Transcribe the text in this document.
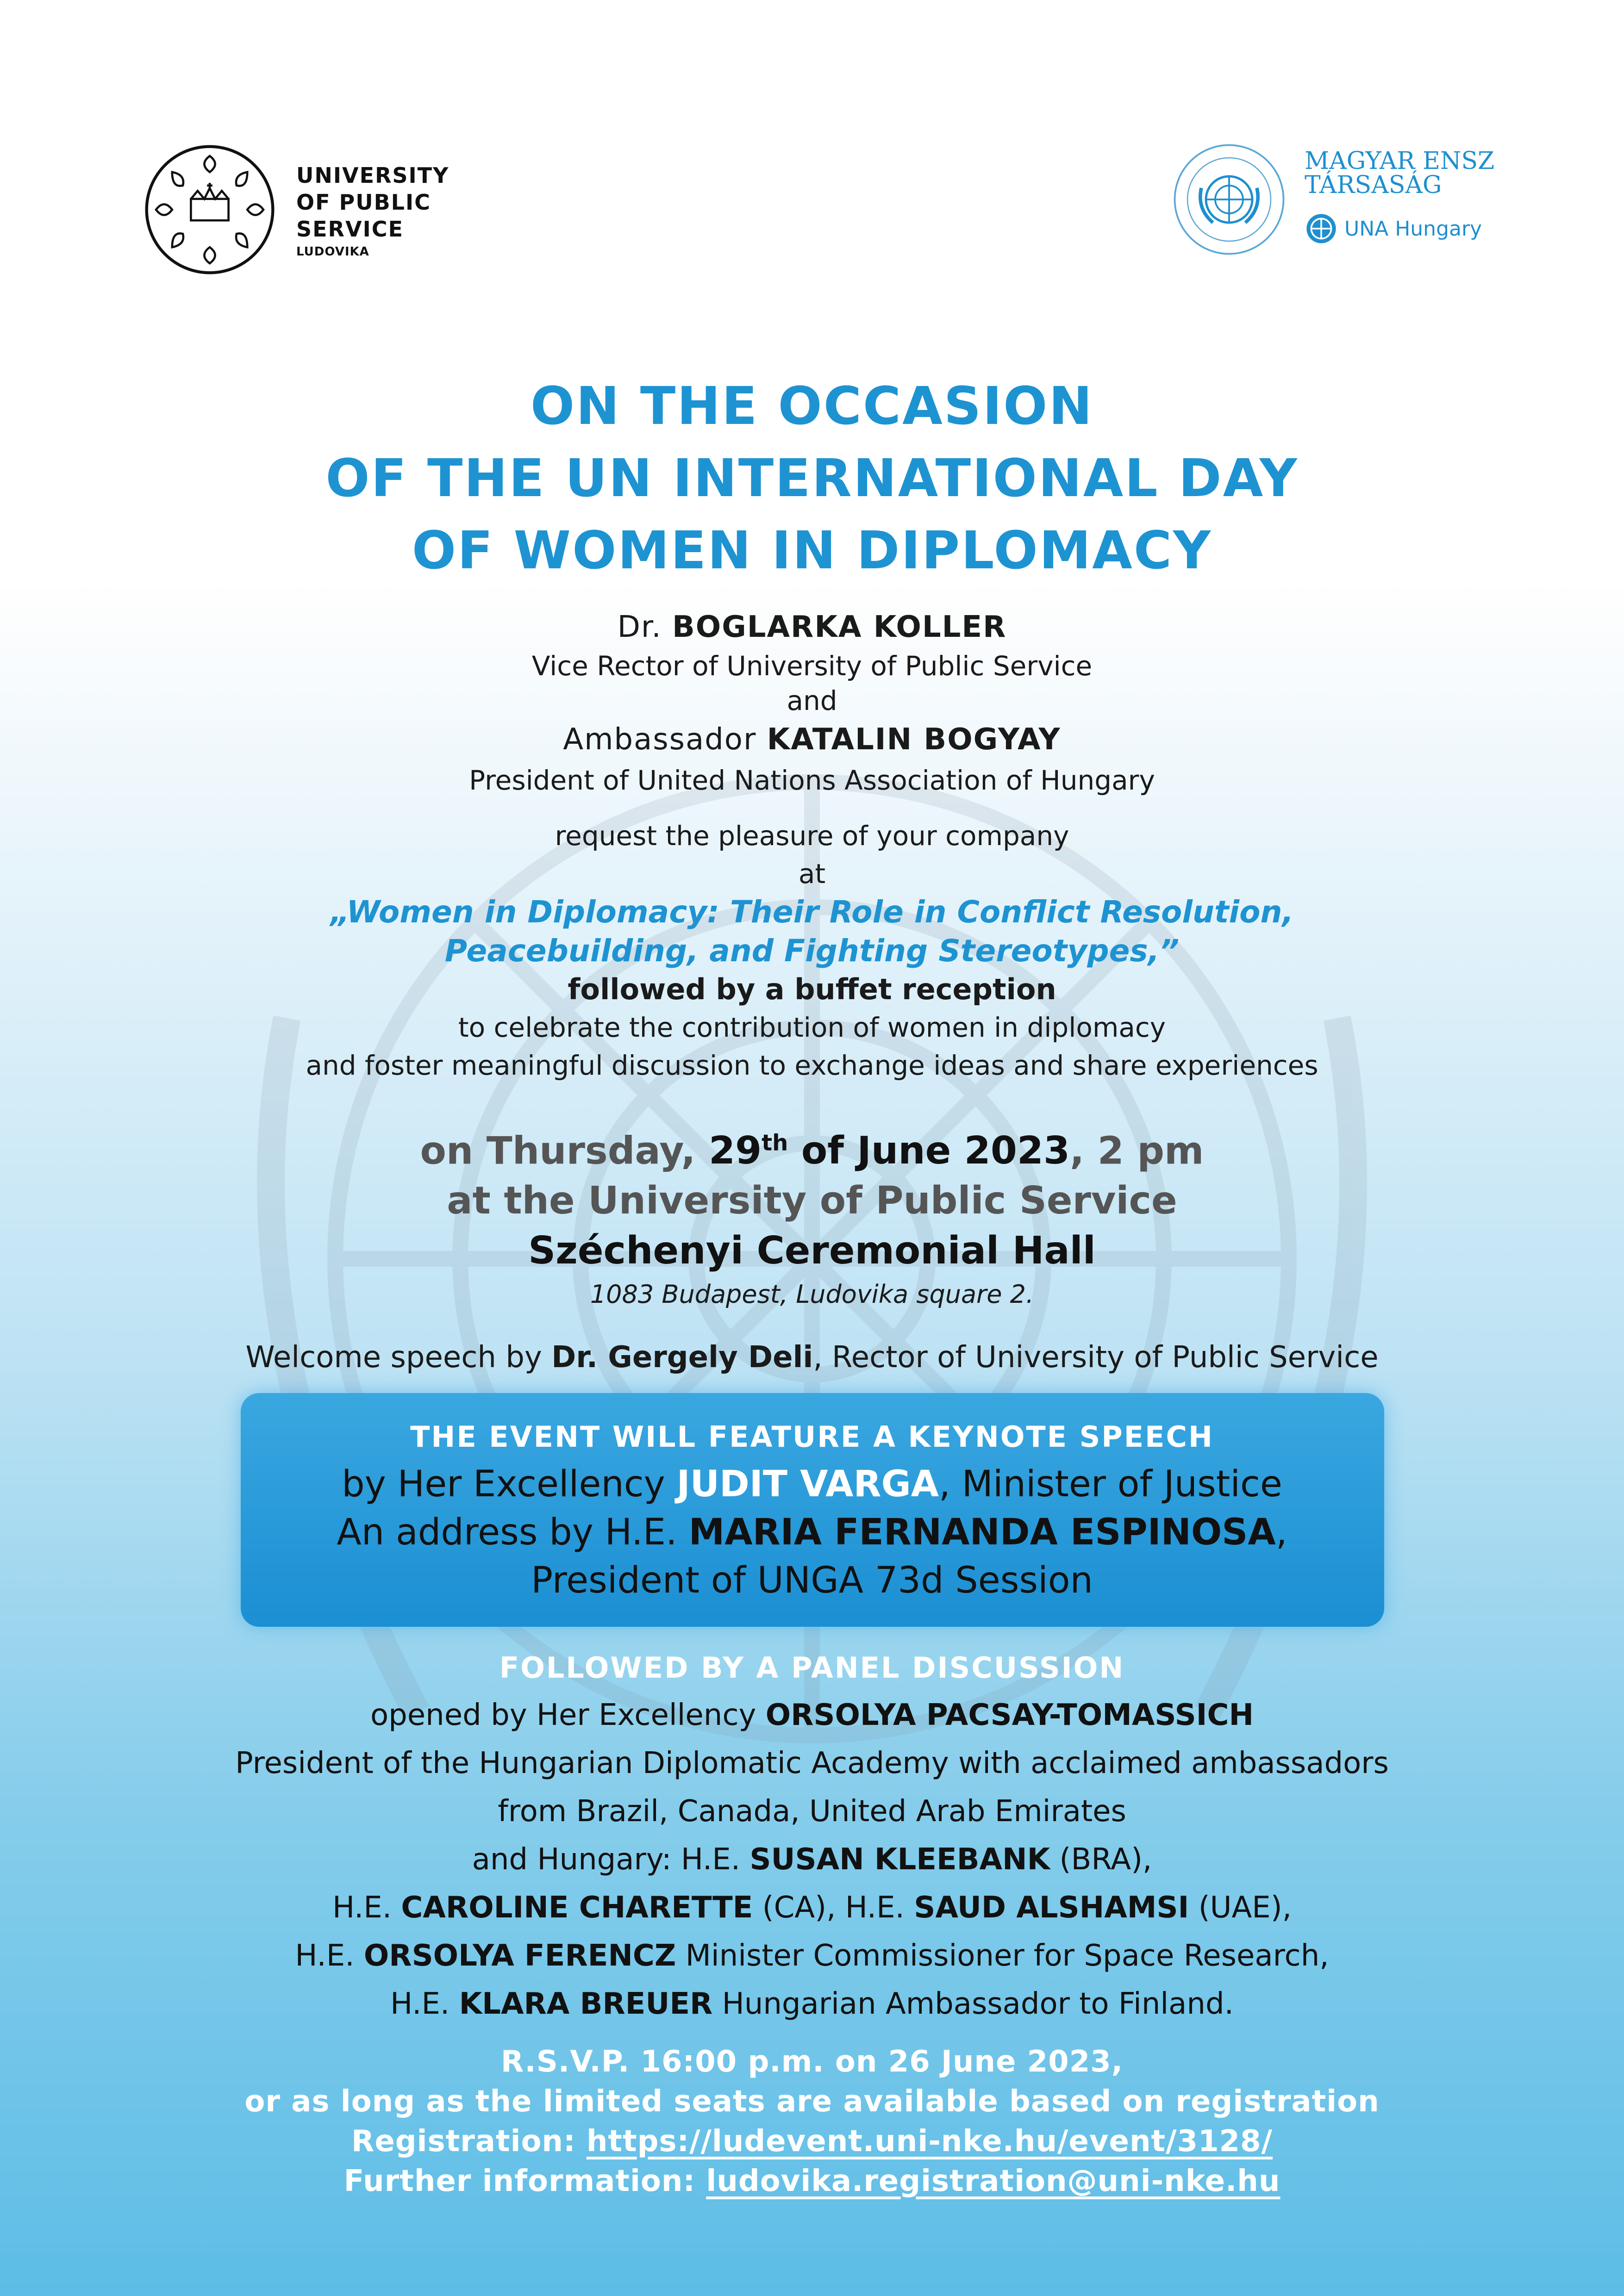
UNIVERSITY
OF PUBLIC
SERVICE
LUDOVIKA
MAGYAR ENSZ
TÁRSASÁG
UNA Hungary
ON THE OCCASION
OF THE UN INTERNATIONAL DAY
OF WOMEN IN DIPLOMACY
Dr. BOGLARKA KOLLER
Vice Rector of University of Public Service
and
Ambassador KATALIN BOGYAY
President of United Nations Association of Hungary
request the pleasure of your company
at
„Women in Diplomacy: Their Role in Conflict Resolution,
Peacebuilding, and Fighting Stereotypes,”
followed by a buffet reception
to celebrate the contribution of women in diplomacy
and foster meaningful discussion to exchange ideas and share experiences
on Thursday, 29th of June 2023, 2 pm
at the University of Public Service
Széchenyi Ceremonial Hall
1083 Budapest, Ludovika square 2.
Welcome speech by Dr. Gergely Deli, Rector of University of Public Service
THE EVENT WILL FEATURE A KEYNOTE SPEECH
by Her Excellency JUDIT VARGA, Minister of Justice
An address by H.E. MARIA FERNANDA ESPINOSA,
President of UNGA 73d Session
FOLLOWED BY A PANEL DISCUSSION
opened by Her Excellency ORSOLYA PACSAY-TOMASSICH
President of the Hungarian Diplomatic Academy with acclaimed ambassadors
from Brazil, Canada, United Arab Emirates
and Hungary: H.E. SUSAN KLEEBANK (BRA),
H.E. CAROLINE CHARETTE (CA), H.E. SAUD ALSHAMSI (UAE),
H.E. ORSOLYA FERENCZ Minister Commissioner for Space Research,
H.E. KLARA BREUER Hungarian Ambassador to Finland.
R.S.V.P. 16:00 p.m. on 26 June 2023,
or as long as the limited seats are available based on registration
Registration: https://ludevent.uni-nke.hu/event/3128/
Further information: ludovika.registration@uni-nke.hu
